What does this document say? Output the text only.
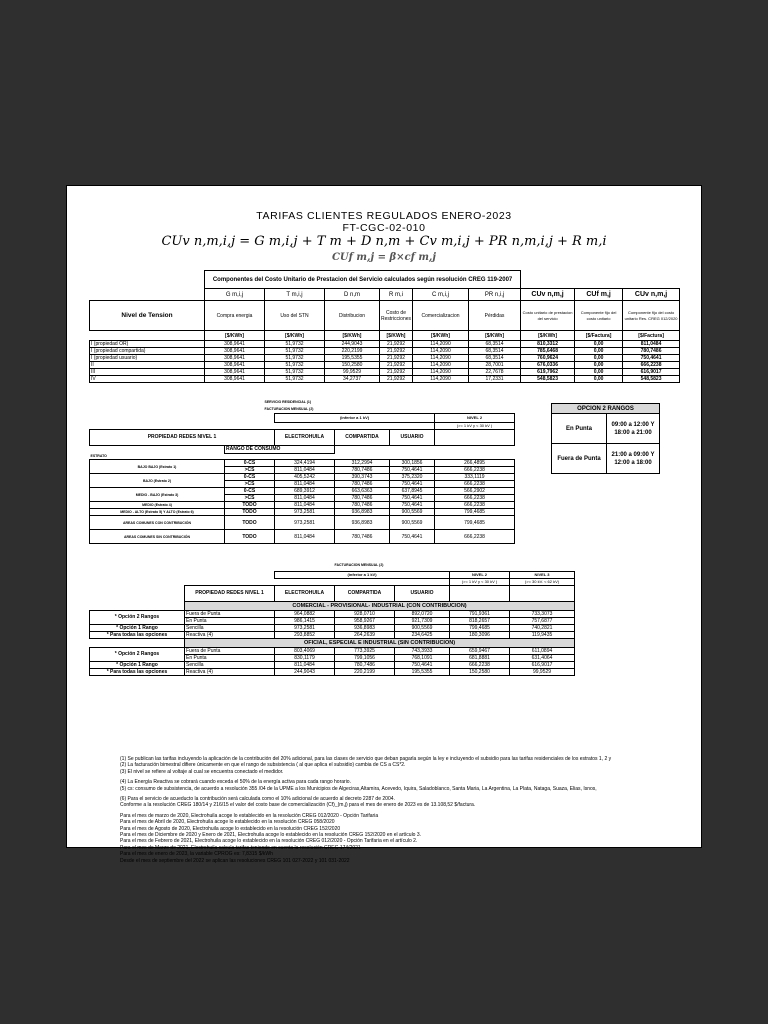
TARIFAS CLIENTES REGULADOS ENERO-2023
FT-CGC-02-010
CUv n,m,i,j = G m,i,j + T m + D n,m + Cv m,i,j + PR n,m,i,j + R m,i
CUf m,j = β×cf m,j
	Componentes del Costo Unitario de Prestacion del Servicio calculados según resolución CREG 119-2007								
	G m,i,j	T m,i,j	D n,m	R m,i	C m,i,j	PR n,i,j	CUv n,m,j	CUf m,j	CUv n,m,j
Nivel de Tension	Compra energia	Uso del STN	Distribucion	Costo de Restricciones	Comercializacion	Pérdidas	Costo unitario de prestacion del servicio	Componente fijo del costo unitario	Componente fijo del costo unitario Res. CREG 012/2020
	[$/KWh]	[$/KWh]	[$/KWh]	[$/KWh]	[$/KWh]	[$/KWh]	[$/KWh]	[$/Factura]	[$/Factura]
I (propiedad OR)	308,9641	51,9732	244,9043	21,9292	114,2090	68,3514	810,3312	0,00	811,0484
I (propiedad compartida)	308,9641	51,9732	220,2199	21,9292	114,2090	68,3514	785,6468	0,00	780,7486
I (propiedad usuario)	308,9641	51,9732	195,5355	21,9292	114,2090	68,3514	760,9624	0,00	750,4641
II	308,9641	51,9732	150,2580	21,9292	114,2090	28,7001	676,0336	0,00	666,2238
III	308,9641	51,9732	99,9529	21,9292	114,2090	22,7678	619,7962	0,00	616,9017
IV	308,9641	51,9732	34,2737	21,9292	114,2090	17,2331	548,5823	0,00	548,5823
	SERVICIO RESIDENCIAL (1)				
	FACTURACION MENSUAL (2)				
		(inferior a 1 kV)			NIVEL 2
					(>= 1 kV y < 30 kV )
PROPIEDAD REDES NIVEL 1		ELECTROHUILA	COMPARTIDA	USUARIO	
	RANGO DE CONSUMO				
ESTRATO					
BAJO BAJO (Estrato 1)	0-CS	324,4194	312,2994	300,1856	266,4895
	>CS	811,0484	780,7486	750,4641	666,2238
BAJO (Estrato 2)	0-CS	405,5242	390,3743	375,2320	333,1119
	>CS	811,0484	780,7486	750,4641	666,2238
MEDIO - BAJO (Estrato 3)	0-CS	689,3912	663,6363	637,8945	566,2902
	>CS	811,0484	780,7486	750,4641	666,2238
MEDIO (Estrato 4)	TODO	811,0484	780,7486	750,4641	666,2238
MEDIO - ALTO (Estrato 5) Y ALTO (Estrato 6)	TODO	973,2581	936,8983	900,5569	799,4685
AREAS COMUNES CON CONTRIBUCIÓN	TODO	973,2581	936,8983	900,5569	799,4685
AREAS COMUNES SIN CONTRIBUCIÓN	TODO	811,0484	780,7486	750,4641	666,2238
OPCION 2 RANGOS	
En Punta	09:00 a 12:00 Y 18:00 a 21:00
Fuera de Punta	21:00 a 09:00 Y 12:00 a 18:00
		FACTURACION MENSUAL (2)				
		(inferior a 1 kV)			NIVEL 2	NIVEL 3
					(>= 1 kV y < 30 kV )	(>= 30 kV. < 62 kV)
	PROPIEDAD REDES NIVEL 1	ELECTROHUILA	COMPARTIDA	USUARIO		
	COMERCIAL - PROVISIONAL- INDUSTRIAL (CON CONTRIBUCION)					
* Opción 2 Rangos	Fuera de Punta	964,0882	928,0710	892,0720	791,9361	733,3073
	En Punta	986,1415	958,9267	921,7309	818,2657	757,6877
* Opción 1 Rango	Sencilla	973,2581	936,8983	900,5569	799,4685	740,2821
* Para todas las opciones	Reactiva (4)	293,8852	264,2639	234,6425	180,3096	119,9435
	OFICIAL, ESPECIAL E INDUSTRIAL (SIN CONTRIBUCION)					
* Opción 2 Rangos	Fuera de Punta	803,4069	773,3925	743,3933	659,9467	611,0894
	En Punta	830,1179	799,1056	768,1091	681,8881	631,4064
* Opción 1 Rango	Sencilla	811,0484	780,7486	750,4641	666,2238	616,9017
* Para todas las opciones	Reactiva (4)	244,9043	220,2199	195,5355	150,2580	99,9529
(1) Se publican las tarifas incluyendo la aplicación de la contribución del 20% adicional, para las clases de servicio que deban pagarla según la ley e incluyendo el subsidio para las tarifas residenciales de los estratos 1, 2 y
(2) La facturación bimestral difiere únicamente en que el rango de subsistencia ( al que aplica el subsidio) cambia de CS a CS*2.
(3) El nivel se refiere al voltaje al cual se encuentra conectado el medidor.
(4) La Energía Reactiva se cobrará cuando exceda el 50% de la energía activa para cada rango horario.
(5) cs: consumo de subsistencia, de acuerdo a resolución 355 /04 de la UPME a los Municipios de Algeciras,Altamira, Acevedo, Iquira, Saladoblanco, Santa Maria, La Argentina, La Plata, Nataga, Suaza, Elias, Isnos,
(6) Para el servicio de acueducto la contribución será calculada como el 10% adicional de acuerdo al decreto 2287 de 2004.
Conforme a la resolución CREG 180/14 y 216/15 el valor del costo base de comercialización (Cf)_(m,j) para el mes de enero de 2023 es de 13.108,52 $/factura.
Para el mes de marzo de 2020, Electrohuila acoge lo establecido en la resolución CREG 012/2020 - Opción Tarifaria
Para el mes de Abril de 2020, Electrohuila acoge lo establecido en la resolución CREG 058/2020
Para el mes de Agosto de 2020, Electrohuila acoge lo establecido en la resolución CREG 152/2020
Para el mes de Diciembre de 2020 y Enero de 2021, Electrohuila acoge lo establecido en la resolución CREG 152/2020 en el artículo 3.
Para el mes de Febrero de 2021, Electrohuila acoge lo establecido en la resolución CREG 012/2020 - Opción Tarifaria en el artículo 2.
Para el mes de Marzo de 2021, Electrohuila calcula tarifas teniendo en cuenta la resolución CREG 174/2021
Para el mes de enero de 2023, la variable CPROG es: 7,8315 $/kWh
Desde el mes de septiembre del 2022 se aplican las resoluciones CREG 101 027-2022 y 101 031-2022
